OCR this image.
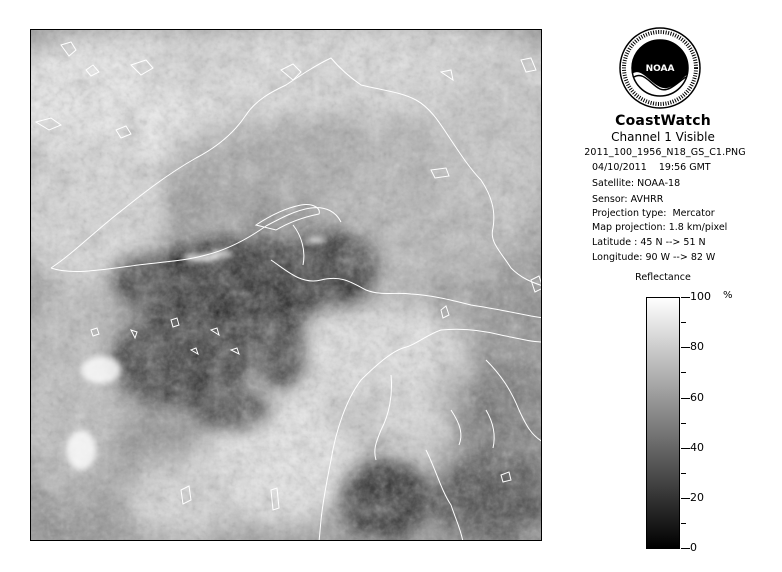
NOAA
CoastWatch
Channel 1 Visible
2011_100_1956_N18_GS_C1.PNG
04/10/2011    19:56 GMT
Satellite: NOAA-18
Sensor: AVHRR
Projection type:  Mercator
Map projection: 1.8 km/pixel
Latitude : 45 N --> 51 N
Longitude: 90 W --> 82 W
Reflectance
%
100
80
60
40
20
0
